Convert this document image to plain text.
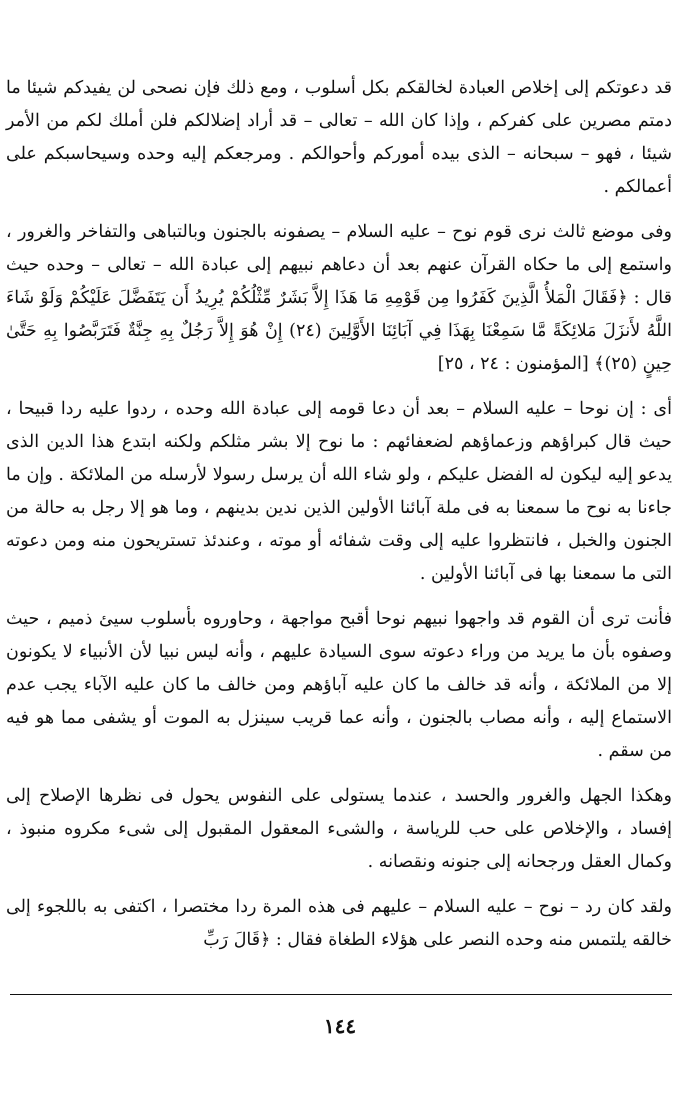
قد دعوتكم إلى إخلاص العبادة لخالقكم بكل أسلوب ، ومع ذلك فإن نصحى لن يفيدكم شيئا ما دمتم مصرين على كفركم ، وإذا كان الله – تعالى – قد أراد إضلالكم فلن أملك لكم من الأمر شيئا ، فهو – سبحانه – الذى بيده أموركم وأحوالكم . ومرجعكم إليه وحده وسيحاسبكم على أعمالكم .

وفى موضع ثالث نرى قوم نوح – عليه السلام – يصفونه بالجنون وبالتباهى والتفاخر والغرور ، واستمع إلى ما حكاه القرآن عنهم بعد أن دعاهم نبيهم إلى عبادة الله – تعالى – وحده حيث قال : ﴿فَقَالَ الْمَلأُ الَّذِينَ كَفَرُوا مِن قَوْمِهِ مَا هَذَا إِلاَّ بَشَرٌ مِّثْلُكُمْ يُرِيدُ أَن يَتَفَضَّلَ عَلَيْكُمْ وَلَوْ شَاءَ اللَّهُ لأَنزَلَ مَلائِكَةً مَّا سَمِعْنَا بِهَذَا فِي آبَائِنَا الأَوَّلِينَ (٢٤) إِنْ هُوَ إِلاَّ رَجُلٌ بِهِ جِنَّةٌ فَتَرَبَّصُوا بِهِ حَتَّىٰ حِينٍ (٢٥)﴾ [المؤمنون : ٢٤ ، ٢٥]

أى : إن نوحا – عليه السلام – بعد أن دعا قومه إلى عبادة الله وحده ، ردوا عليه ردا قبيحا ، حيث قال كبراؤهم وزعماؤهم لضعفائهم : ما نوح إلا بشر مثلكم ولكنه ابتدع هذا الدين الذى يدعو إليه ليكون له الفضل عليكم ، ولو شاء الله أن يرسل رسولا لأرسله من الملائكة . وإن ما جاءنا به نوح ما سمعنا به فى ملة آبائنا الأولين الذين ندين بدينهم ، وما هو إلا رجل به حالة من الجنون والخبل ، فانتظروا عليه إلى وقت شفائه أو موته ، وعندئذ تستريحون منه ومن دعوته التى ما سمعنا بها فى آبائنا الأولين .

فأنت ترى أن القوم قد واجهوا نبيهم نوحا أقبح مواجهة ، وحاوروه بأسلوب سيئ ذميم ، حيث وصفوه بأن ما يريد من وراء دعوته سوى السيادة عليهم ، وأنه ليس نبيا لأن الأنبياء لا يكونون إلا من الملائكة ، وأنه قد خالف ما كان عليه آباؤهم ومن خالف ما كان عليه الآباء يجب عدم الاستماع إليه ، وأنه مصاب بالجنون ، وأنه عما قريب سينزل به الموت أو يشفى مما هو فيه من سقم .

وهكذا الجهل والغرور والحسد ، عندما يستولى على النفوس يحول فى نظرها الإصلاح إلى إفساد ، والإخلاص على حب للرياسة ، والشىء المعقول المقبول إلى شىء مكروه منبوذ ، وكمال العقل ورجحانه إلى جنونه ونقصانه .

ولقد كان رد – نوح – عليه السلام – عليهم فى هذه المرة ردا مختصرا ، اكتفى به باللجوء إلى خالقه يلتمس منه وحده النصر على هؤلاء الطغاة فقال : ﴿قَالَ رَبِّ

١٤٤
